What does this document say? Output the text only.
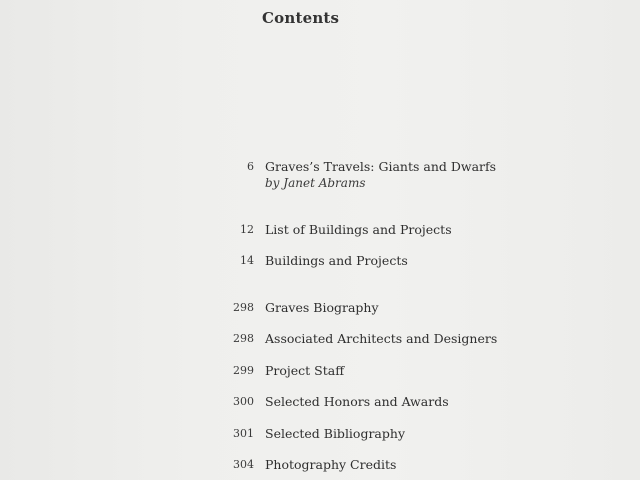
Contents
6 Graves’s Travels: Giants and Dwarfs
by Janet Abrams
12 List of Buildings and Projects
14 Buildings and Projects
298 Graves Biography
298 Associated Architects and Designers
299 Project Staff
300 Selected Honors and Awards
301 Selected Bibliography
304 Photography Credits
